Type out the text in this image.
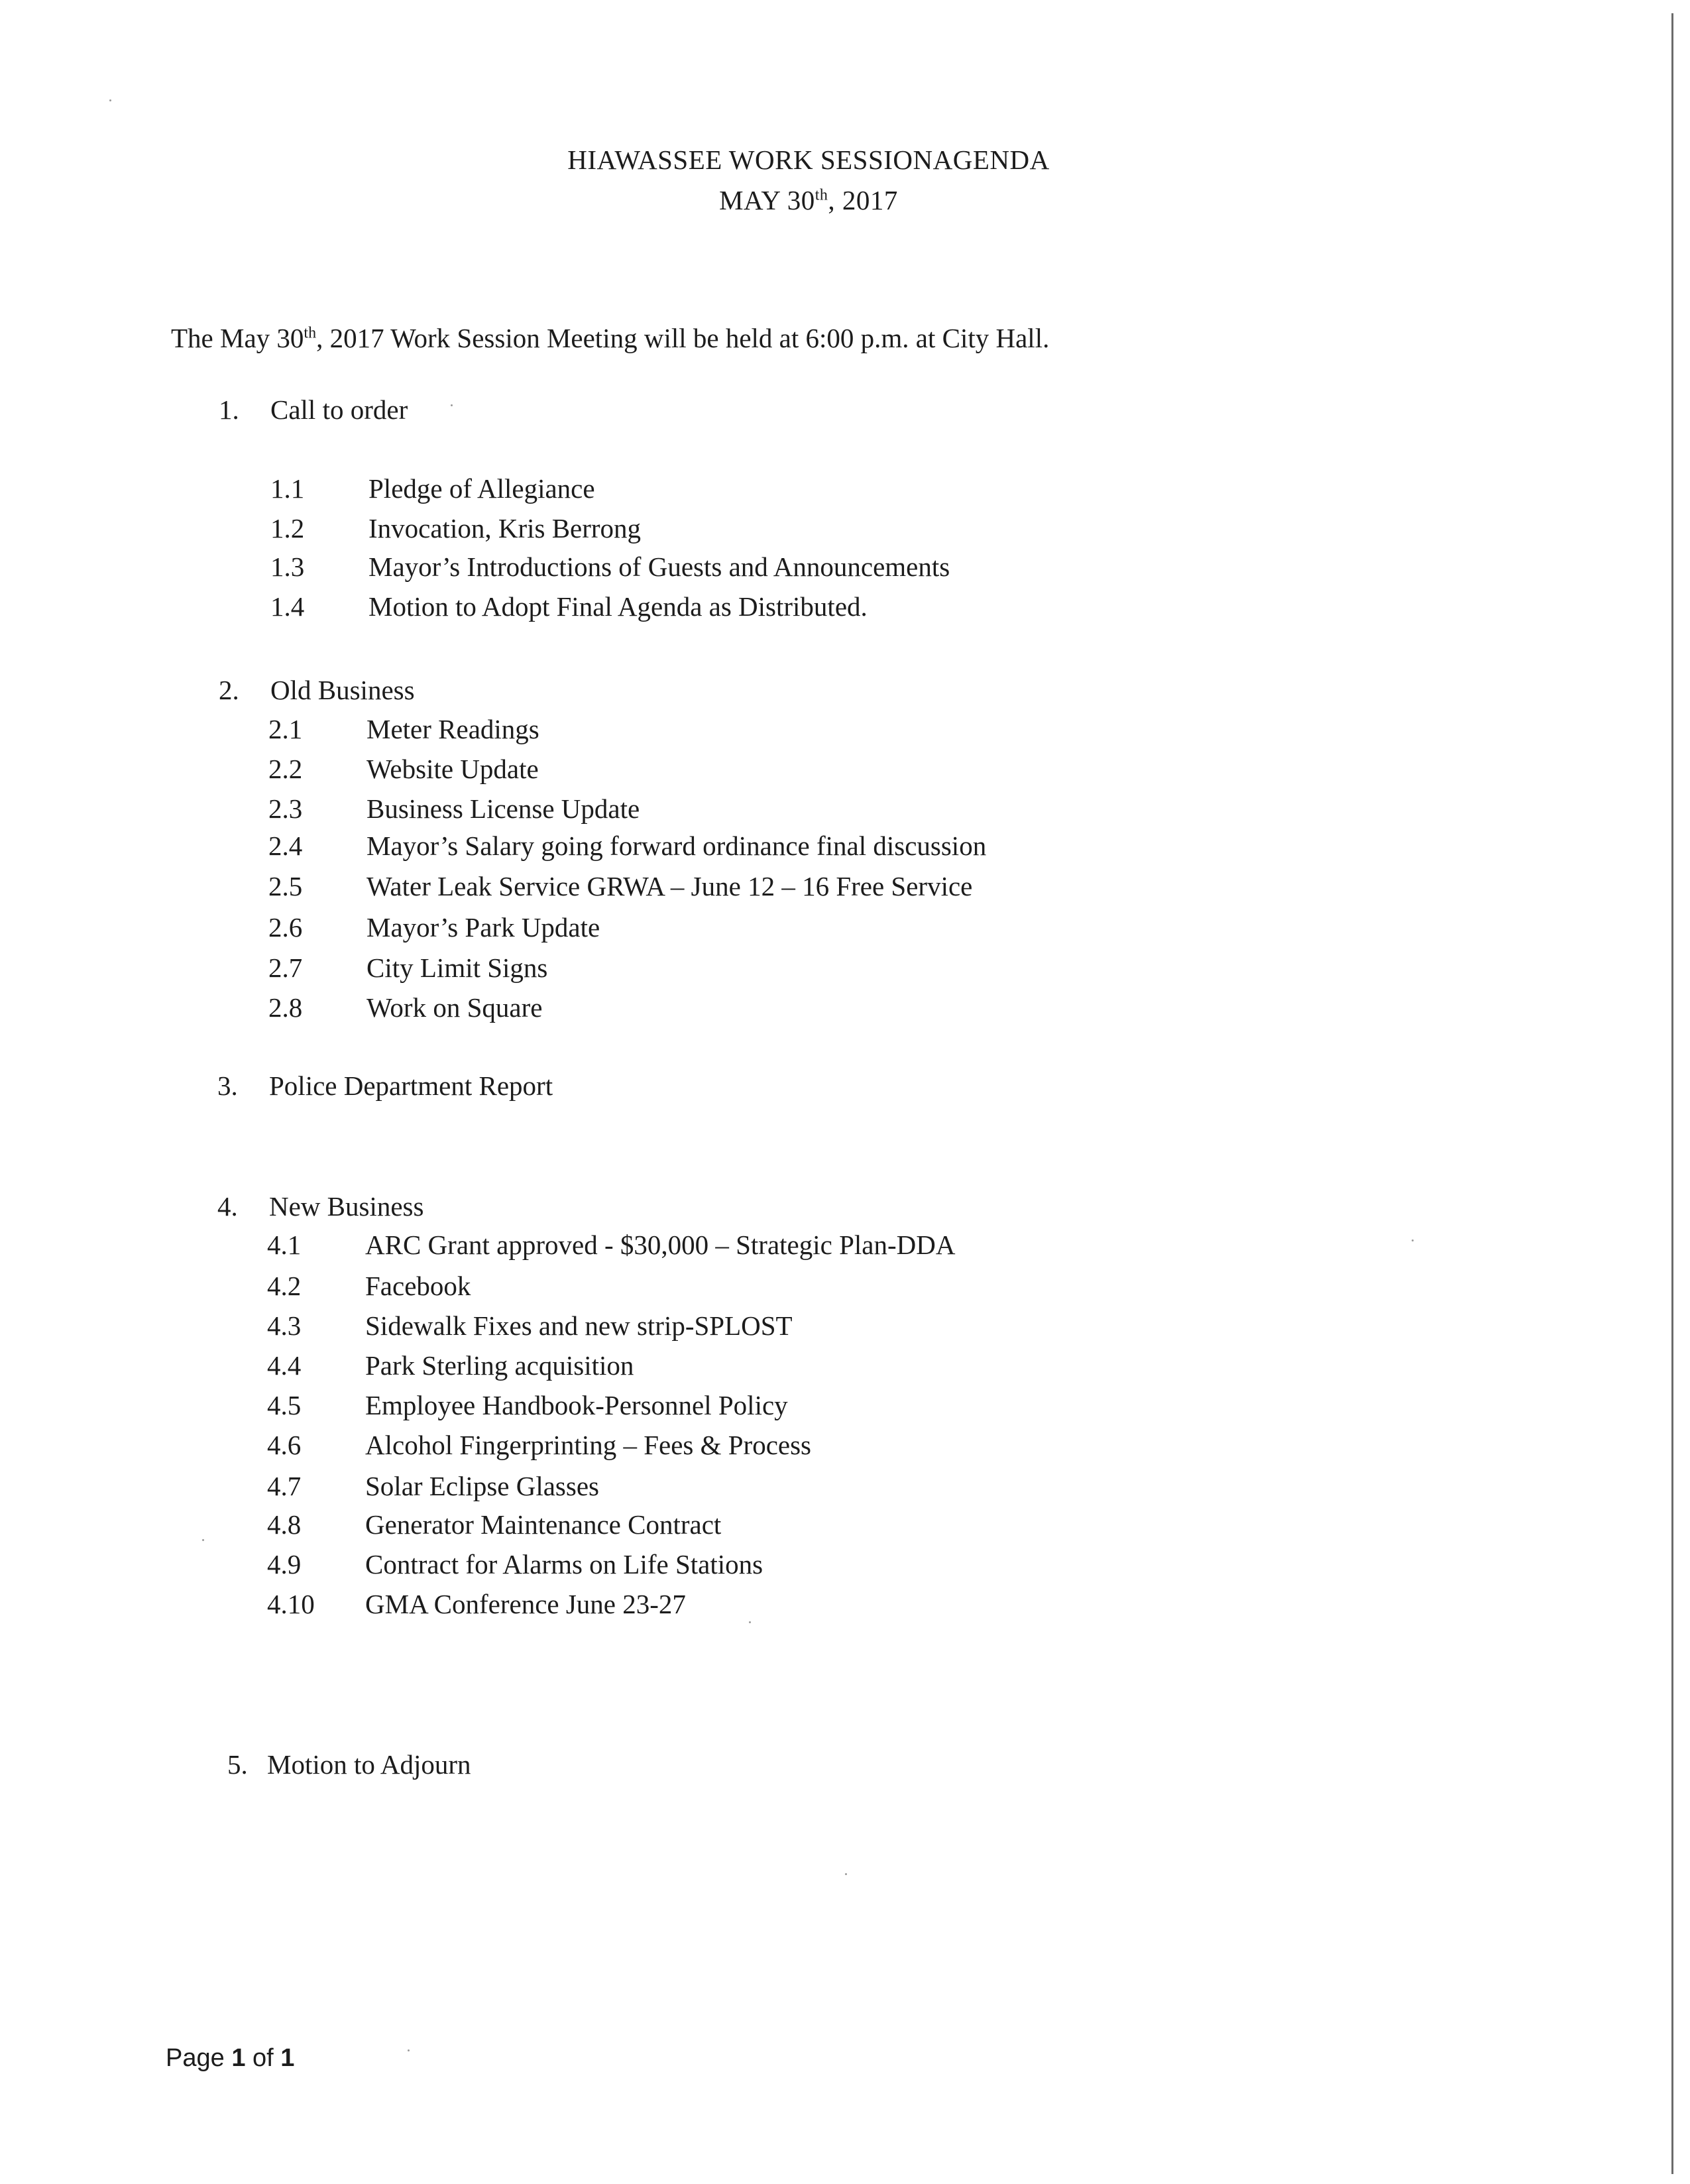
HIAWASSEE WORK SESSIONAGENDA
MAY 30th, 2017
The May 30th, 2017 Work Session Meeting will be held at 6:00 p.m. at City Hall.
1. Call to order
1.1 Pledge of Allegiance
1.2 Invocation, Kris Berrong
1.3 Mayor’s Introductions of Guests and Announcements
1.4 Motion to Adopt Final Agenda as Distributed.
2. Old Business
2.1 Meter Readings
2.2 Website Update
2.3 Business License Update
2.4 Mayor’s Salary going forward ordinance final discussion
2.5 Water Leak Service GRWA – June 12 – 16 Free Service
2.6 Mayor’s Park Update
2.7 City Limit Signs
2.8 Work on Square
3. Police Department Report
4. New Business
4.1 ARC Grant approved - $30,000 – Strategic Plan-DDA
4.2 Facebook
4.3 Sidewalk Fixes and new strip-SPLOST
4.4 Park Sterling acquisition
4.5 Employee Handbook-Personnel Policy
4.6 Alcohol Fingerprinting – Fees & Process
4.7 Solar Eclipse Glasses
4.8 Generator Maintenance Contract
4.9 Contract for Alarms on Life Stations
4.10 GMA Conference June 23-27
5. Motion to Adjourn
Page 1 of 1
